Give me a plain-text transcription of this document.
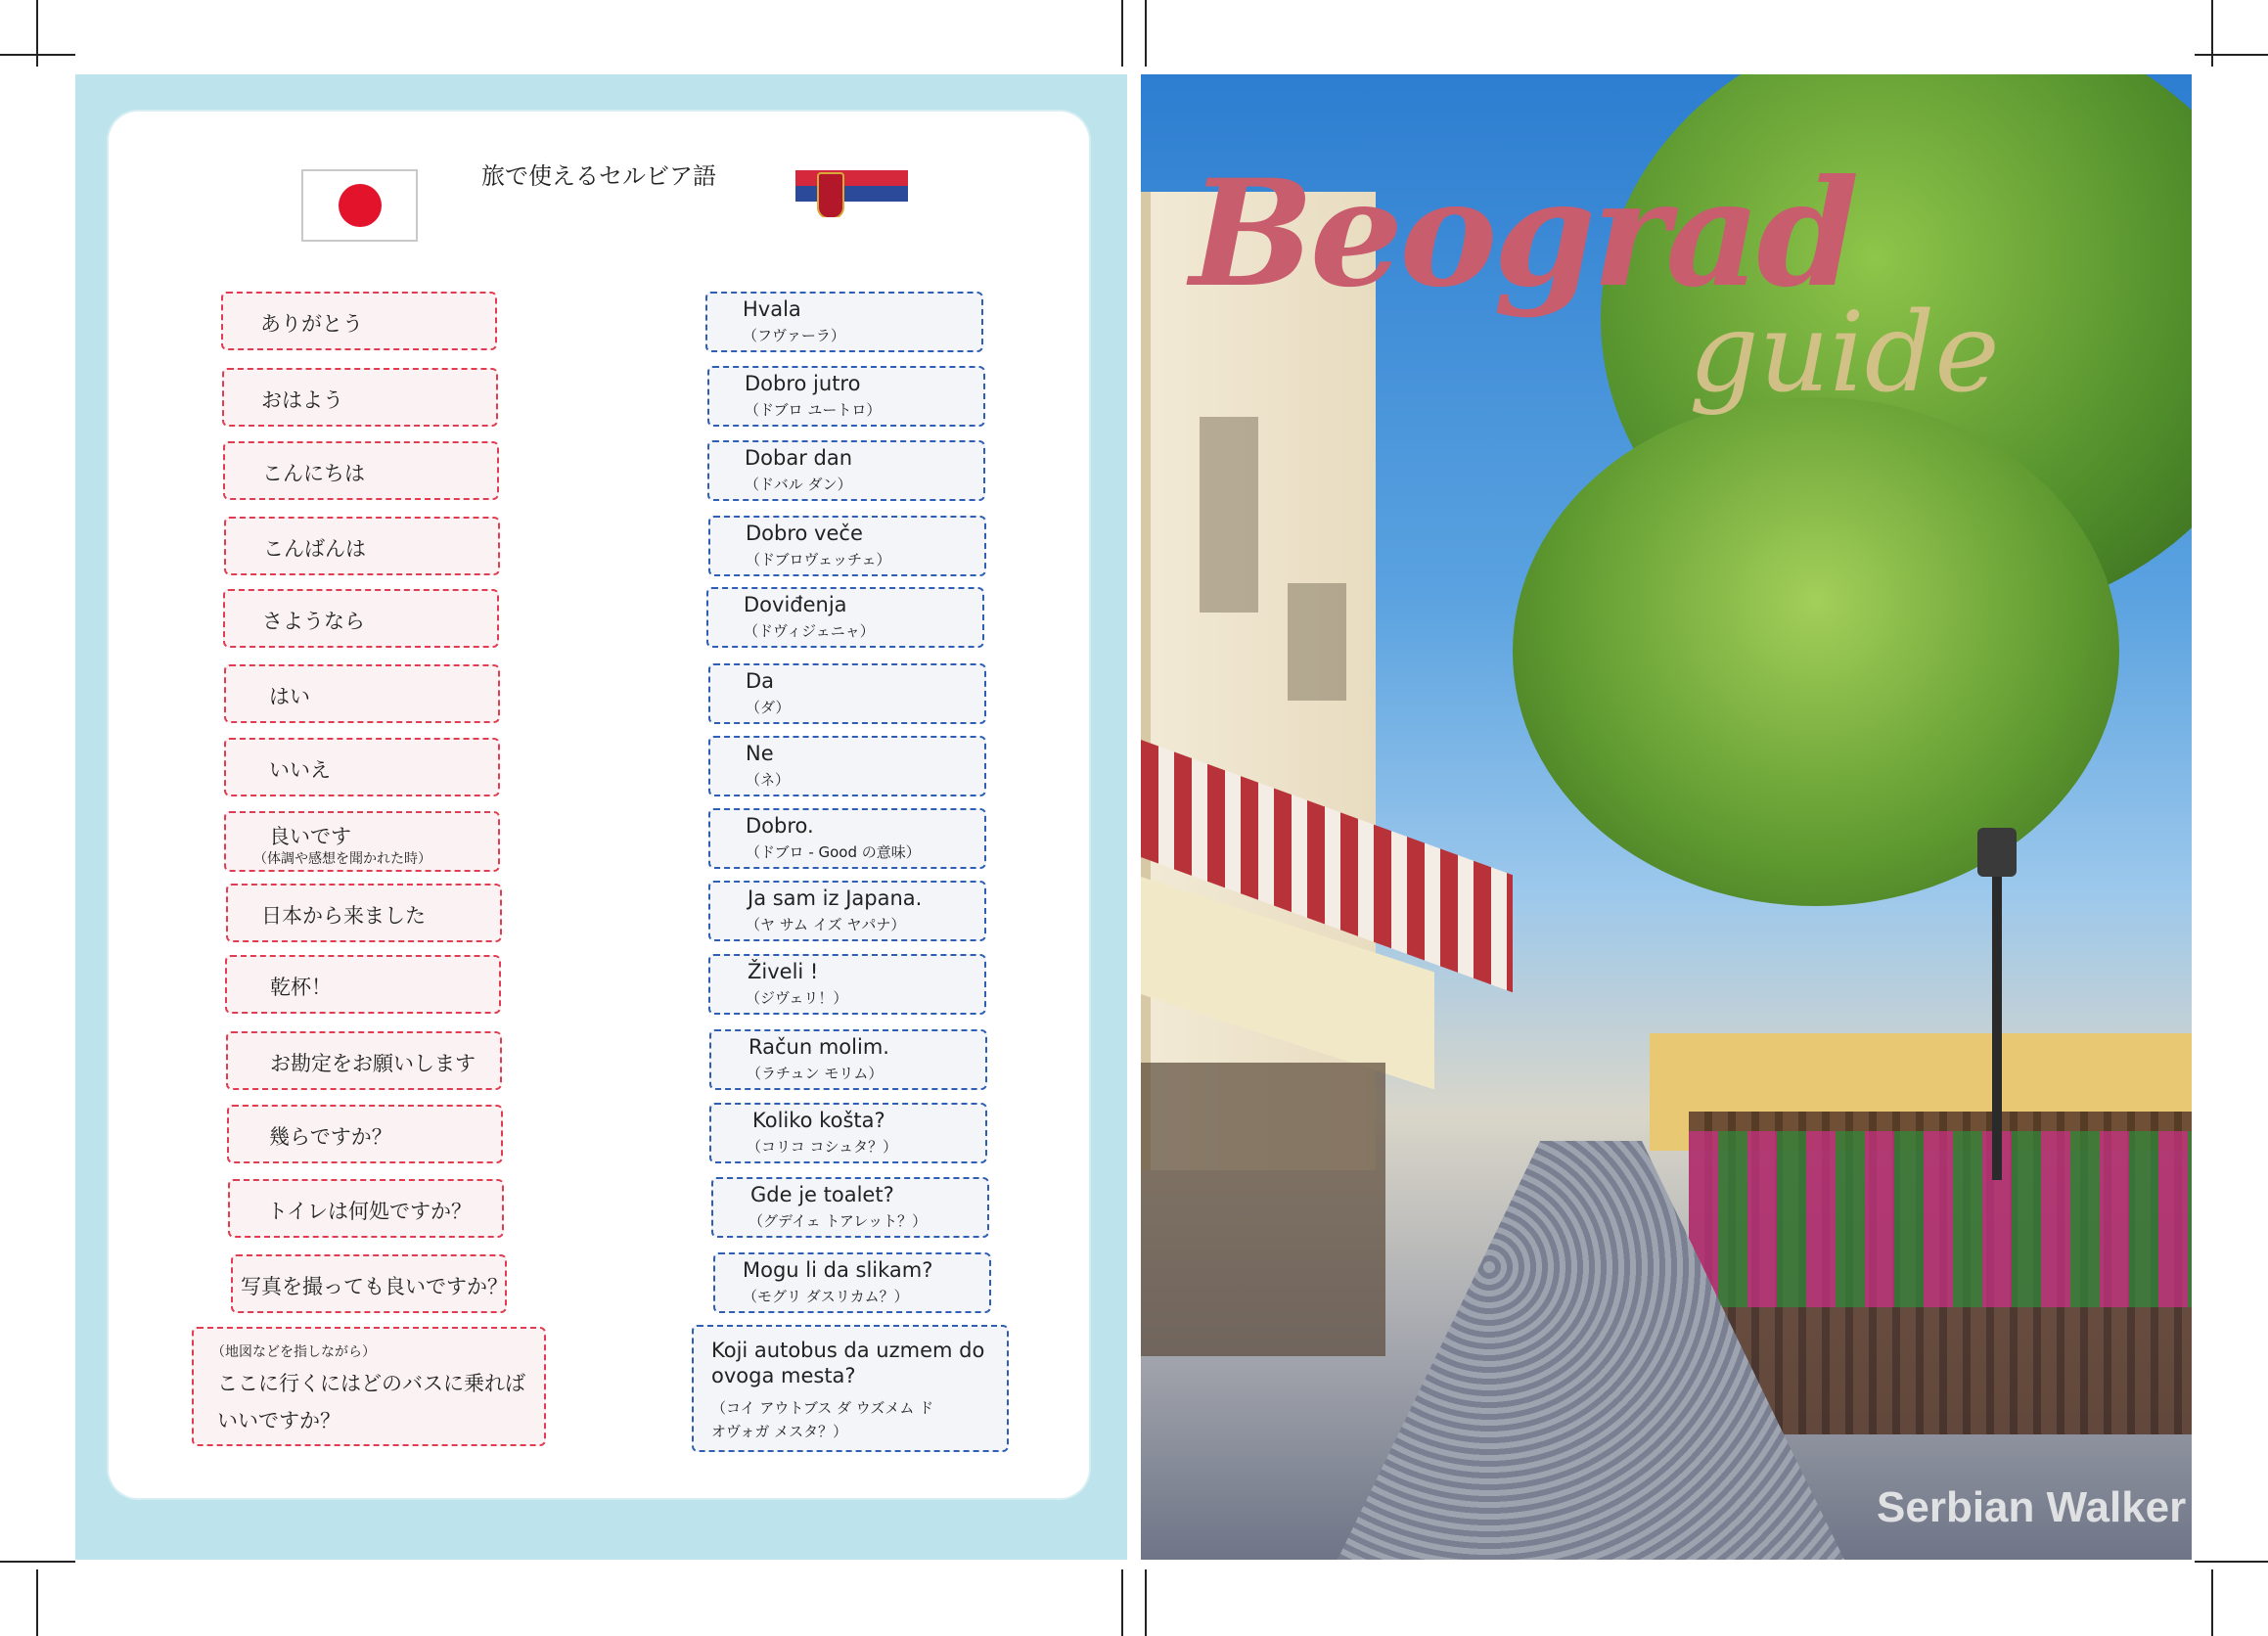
旅で使えるセルビア語
ありがとう
おはよう
こんにちは
こんばんは
さようなら
はい
いいえ
良いです
（体調や感想を聞かれた時）
日本から来ました
乾杯！
お勘定をお願いします
幾らですか？
トイレは何処ですか？
写真を撮っても良いですか？
（地図などを指しながら）
ここに行くにはどのバスに乗れば
いいですか？
Hvala
（フヴァーラ）
Dobro jutro
（ドブロ ユートロ）
Dobar dan
（ドバル ダン）
Dobro veče
（ドブロヴェッチェ）
Doviđenja
（ドヴィジェニャ）
Da
（ダ）
Ne
（ネ）
Dobro.
（ドブロ - Good の意味）
Ja sam iz Japana.
（ヤ サム イズ ヤパナ）
Živeli !
（ジヴェリ！）
Račun molim.
（ラチュン モリム）
Koliko košta?
（コリコ コシュタ？）
Gde je toalet?
（グデイェ トアレット？）
Mogu li da slikam?
（モグリ ダスリカム？）
Koji autobus da uzmem do
ovoga mesta?
（コイ アウトブス ダ ウズメム ド
オヴォガ メスタ？）
Beograd
guide
Serbian Walker
